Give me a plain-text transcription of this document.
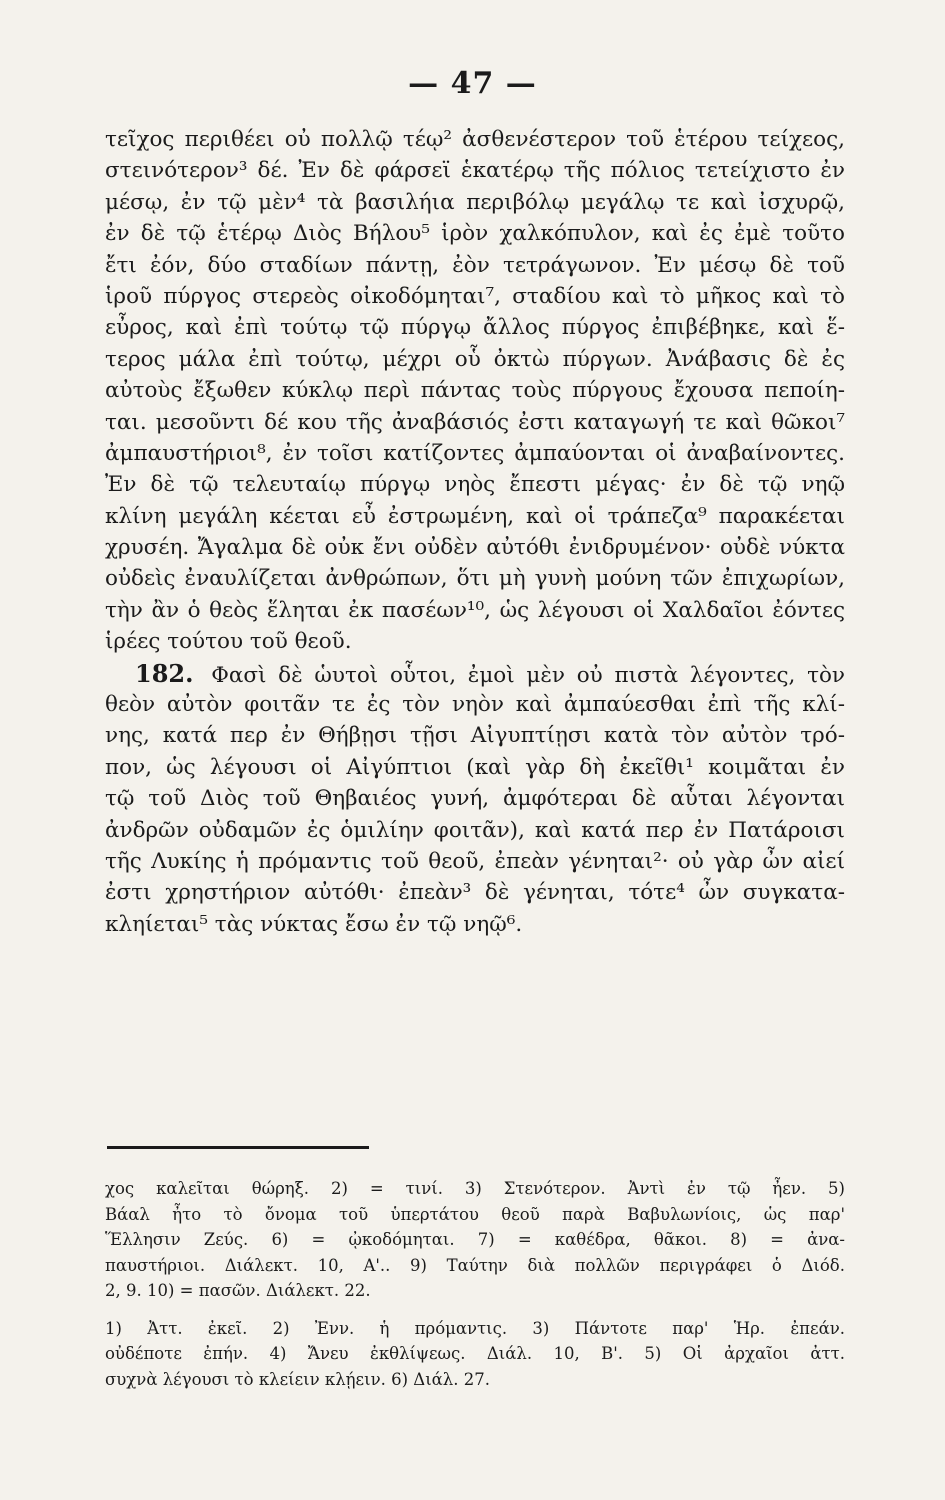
— 47 —
τεῖχος περιθέει οὐ πολλῷ τέῳ² ἀσθενέστερον τοῦ ἑτέρου τείχεος,
στεινότερον³ δέ. Ἐν δὲ φάρσεϊ ἑκατέρῳ τῆς πόλιος τετείχιστο ἐν
μέσῳ, ἐν τῷ μὲν⁴ τὰ βασιλήια περιβόλῳ μεγάλῳ τε καὶ ἰσχυρῷ,
ἐν δὲ τῷ ἑτέρῳ Διὸς Βήλου⁵ ἱρὸν χαλκόπυλον, καὶ ἐς ἐμὲ τοῦτο
ἔτι ἐόν, δύο σταδίων πάντῃ, ἐὸν τετράγωνον. Ἐν μέσῳ δὲ τοῦ
ἱροῦ πύργος στερεὸς οἰκοδόμηται⁷, σταδίου καὶ τὸ μῆκος καὶ τὸ
εὖρος, καὶ ἐπὶ τούτῳ τῷ πύργῳ ἄλλος πύργος ἐπιβέβηκε, καὶ ἕ-
τερος μάλα ἐπὶ τούτῳ, μέχρι οὗ ὀκτὼ πύργων. Ἀνάβασις δὲ ἐς
αὐτοὺς ἔξωθεν κύκλῳ περὶ πάντας τοὺς πύργους ἔχουσα πεποίη-
ται. μεσοῦντι δέ κου τῆς ἀναβάσιός ἐστι καταγωγή τε καὶ θῶκοι⁷
ἀμπαυστήριοι⁸, ἐν τοῖσι κατίζοντες ἀμπαύονται οἱ ἀναβαίνοντες.
Ἐν δὲ τῷ τελευταίῳ πύργῳ νηὸς ἔπεστι μέγας· ἐν δὲ τῷ νηῷ
κλίνη μεγάλη κέεται εὖ ἐστρωμένη, καὶ οἱ τράπεζα⁹ παρακέεται
χρυσέη. Ἄγαλμα δὲ οὐκ ἔνι οὐδὲν αὐτόθι ἐνιδρυμένον· οὐδὲ νύκτα
οὐδεὶς ἐναυλίζεται ἀνθρώπων, ὅτι μὴ γυνὴ μούνη τῶν ἐπιχωρίων,
τὴν ἂν ὁ θεὸς ἕληται ἐκ πασέων¹⁰, ὡς λέγουσι οἱ Χαλδαῖοι ἐόντες
ἱρέες τούτου τοῦ θεοῦ.
182. Φασὶ δὲ ὡυτοὶ οὗτοι, ἐμοὶ μὲν οὐ πιστὰ λέγοντες, τὸν
θεὸν αὐτὸν φοιτᾶν τε ἐς τὸν νηὸν καὶ ἀμπαύεσθαι ἐπὶ τῆς κλί-
νης, κατά περ ἐν Θήβῃσι τῇσι Αἰγυπτίῃσι κατὰ τὸν αὐτὸν τρό-
πον, ὡς λέγουσι οἱ Αἰγύπτιοι (καὶ γὰρ δὴ ἐκεῖθι¹ κοιμᾶται ἐν
τῷ τοῦ Διὸς τοῦ Θηβαιέος γυνή, ἀμφότεραι δὲ αὗται λέγονται
ἀνδρῶν οὐδαμῶν ἐς ὁμιλίην φοιτᾶν), καὶ κατά περ ἐν Πατάροισι
τῆς Λυκίης ἡ πρόμαντις τοῦ θεοῦ, ἐπεὰν γένηται²· οὐ γὰρ ὦν αἰεί
ἐστι χρηστήριον αὐτόθι· ἐπεὰν³ δὲ γένηται, τότε⁴ ὦν συγκατα-
κληίεται⁵ τὰς νύκτας ἔσω ἐν τῷ νηῷ⁶.
χος καλεῖται θώρηξ. 2) = τινί. 3) Στενότερον. Ἀντὶ ἐν τῷ ἦεν. 5)
Βάαλ ἦτο τὸ ὄνομα τοῦ ὑπερτάτου θεοῦ παρὰ Βαβυλωνίοις, ὡς παρ'
Ἕλλησιν Ζεύς. 6) = ᾠκοδόμηται. 7) = καθέδρα, θᾶκοι. 8) = ἀνα-
παυστήριοι. Διάλεκτ. 10, Α'.. 9) Ταύτην διὰ πολλῶν περιγράφει ὁ Διόδ.
2, 9. 10) = πασῶν. Διάλεκτ. 22.
1) Ἀττ. ἐκεῖ. 2) Ἐνν. ἡ πρόμαντις. 3) Πάντοτε παρ' Ἡρ. ἐπεάν.
οὐδέποτε ἐπήν. 4) Ἄνευ ἐκθλίψεως. Διάλ. 10, Β'. 5) Οἱ ἀρχαῖοι ἀττ.
συχνὰ λέγουσι τὸ κλείειν κλῄειν. 6) Διάλ. 27.
